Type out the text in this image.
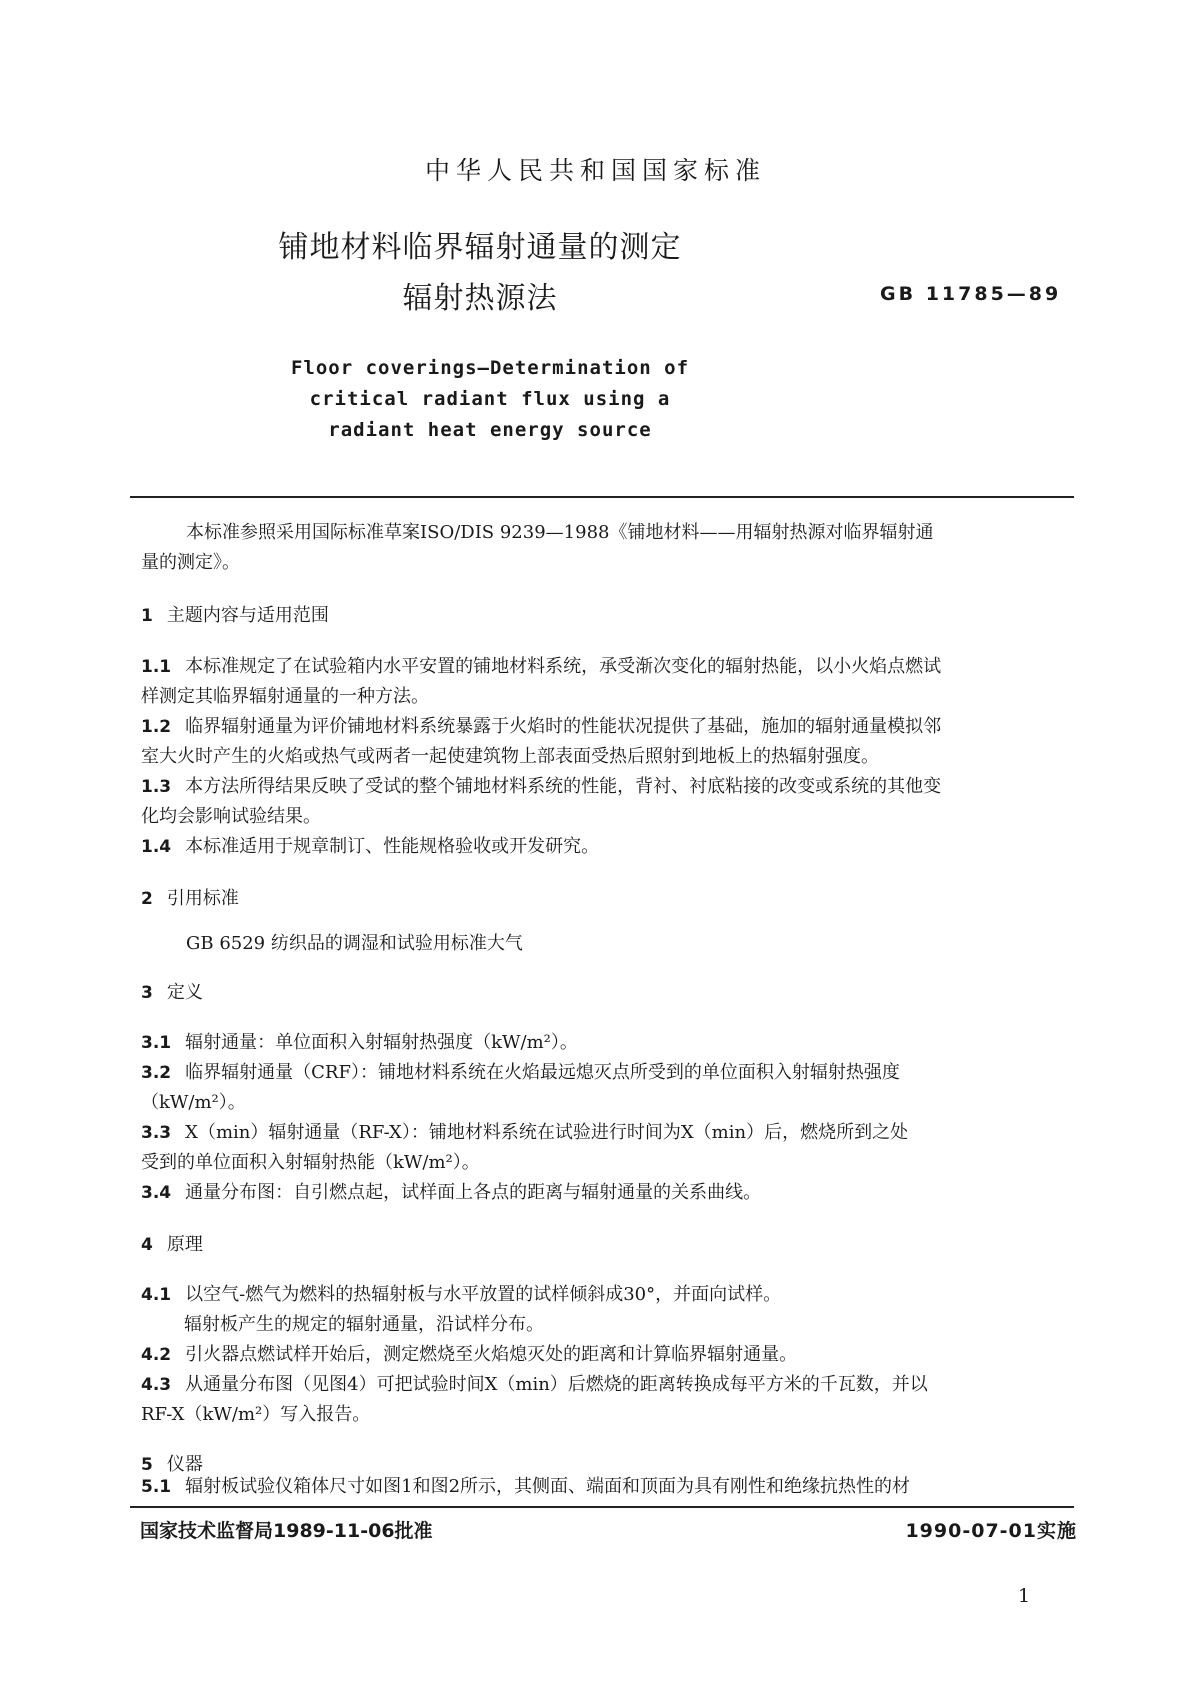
中华人民共和国国家标准
铺地材料临界辐射通量的测定
辐射热源法	GB 11785—89
Floor coverings—Determination of
critical radiant flux using a
radiant heat energy source
本标准参照采用国际标准草案ISO/DIS 9239—1988《铺地材料——用辐射热源对临界辐射通
量的测定》。
1 主题内容与适用范围
1.1 本标准规定了在试验箱内水平安置的铺地材料系统，承受渐次变化的辐射热能，以小火焰点燃试
样测定其临界辐射通量的一种方法。
1.2 临界辐射通量为评价铺地材料系统暴露于火焰时的性能状况提供了基础，施加的辐射通量模拟邻
室大火时产生的火焰或热气或两者一起使建筑物上部表面受热后照射到地板上的热辐射强度。
1.3 本方法所得结果反映了受试的整个铺地材料系统的性能，背衬、衬底粘接的改变或系统的其他变
化均会影响试验结果。
1.4 本标准适用于规章制订、性能规格验收或开发研究。
2 引用标准
GB 6529 纺织品的调湿和试验用标准大气
3 定义
3.1 辐射通量：单位面积入射辐射热强度（kW/m²）。
3.2 临界辐射通量（CRF）：铺地材料系统在火焰最远熄灭点所受到的单位面积入射辐射热强度
（kW/m²）。
3.3 X（min）辐射通量（RF-X）：铺地材料系统在试验进行时间为X（min）后，燃烧所到之处
受到的单位面积入射辐射热能（kW/m²）。
3.4 通量分布图：自引燃点起，试样面上各点的距离与辐射通量的关系曲线。
4 原理
4.1 以空气-燃气为燃料的热辐射板与水平放置的试样倾斜成30°，并面向试样。
辐射板产生的规定的辐射通量，沿试样分布。
4.2 引火器点燃试样开始后，测定燃烧至火焰熄灭处的距离和计算临界辐射通量。
4.3 从通量分布图（见图4）可把试验时间X（min）后燃烧的距离转换成每平方米的千瓦数，并以
RF-X（kW/m²）写入报告。
5 仪器
5.1 辐射板试验仪箱体尺寸如图1和图2所示，其侧面、端面和顶面为具有刚性和绝缘抗热性的材
国家技术监督局1989-11-06批准	1990-07-01实施
1
